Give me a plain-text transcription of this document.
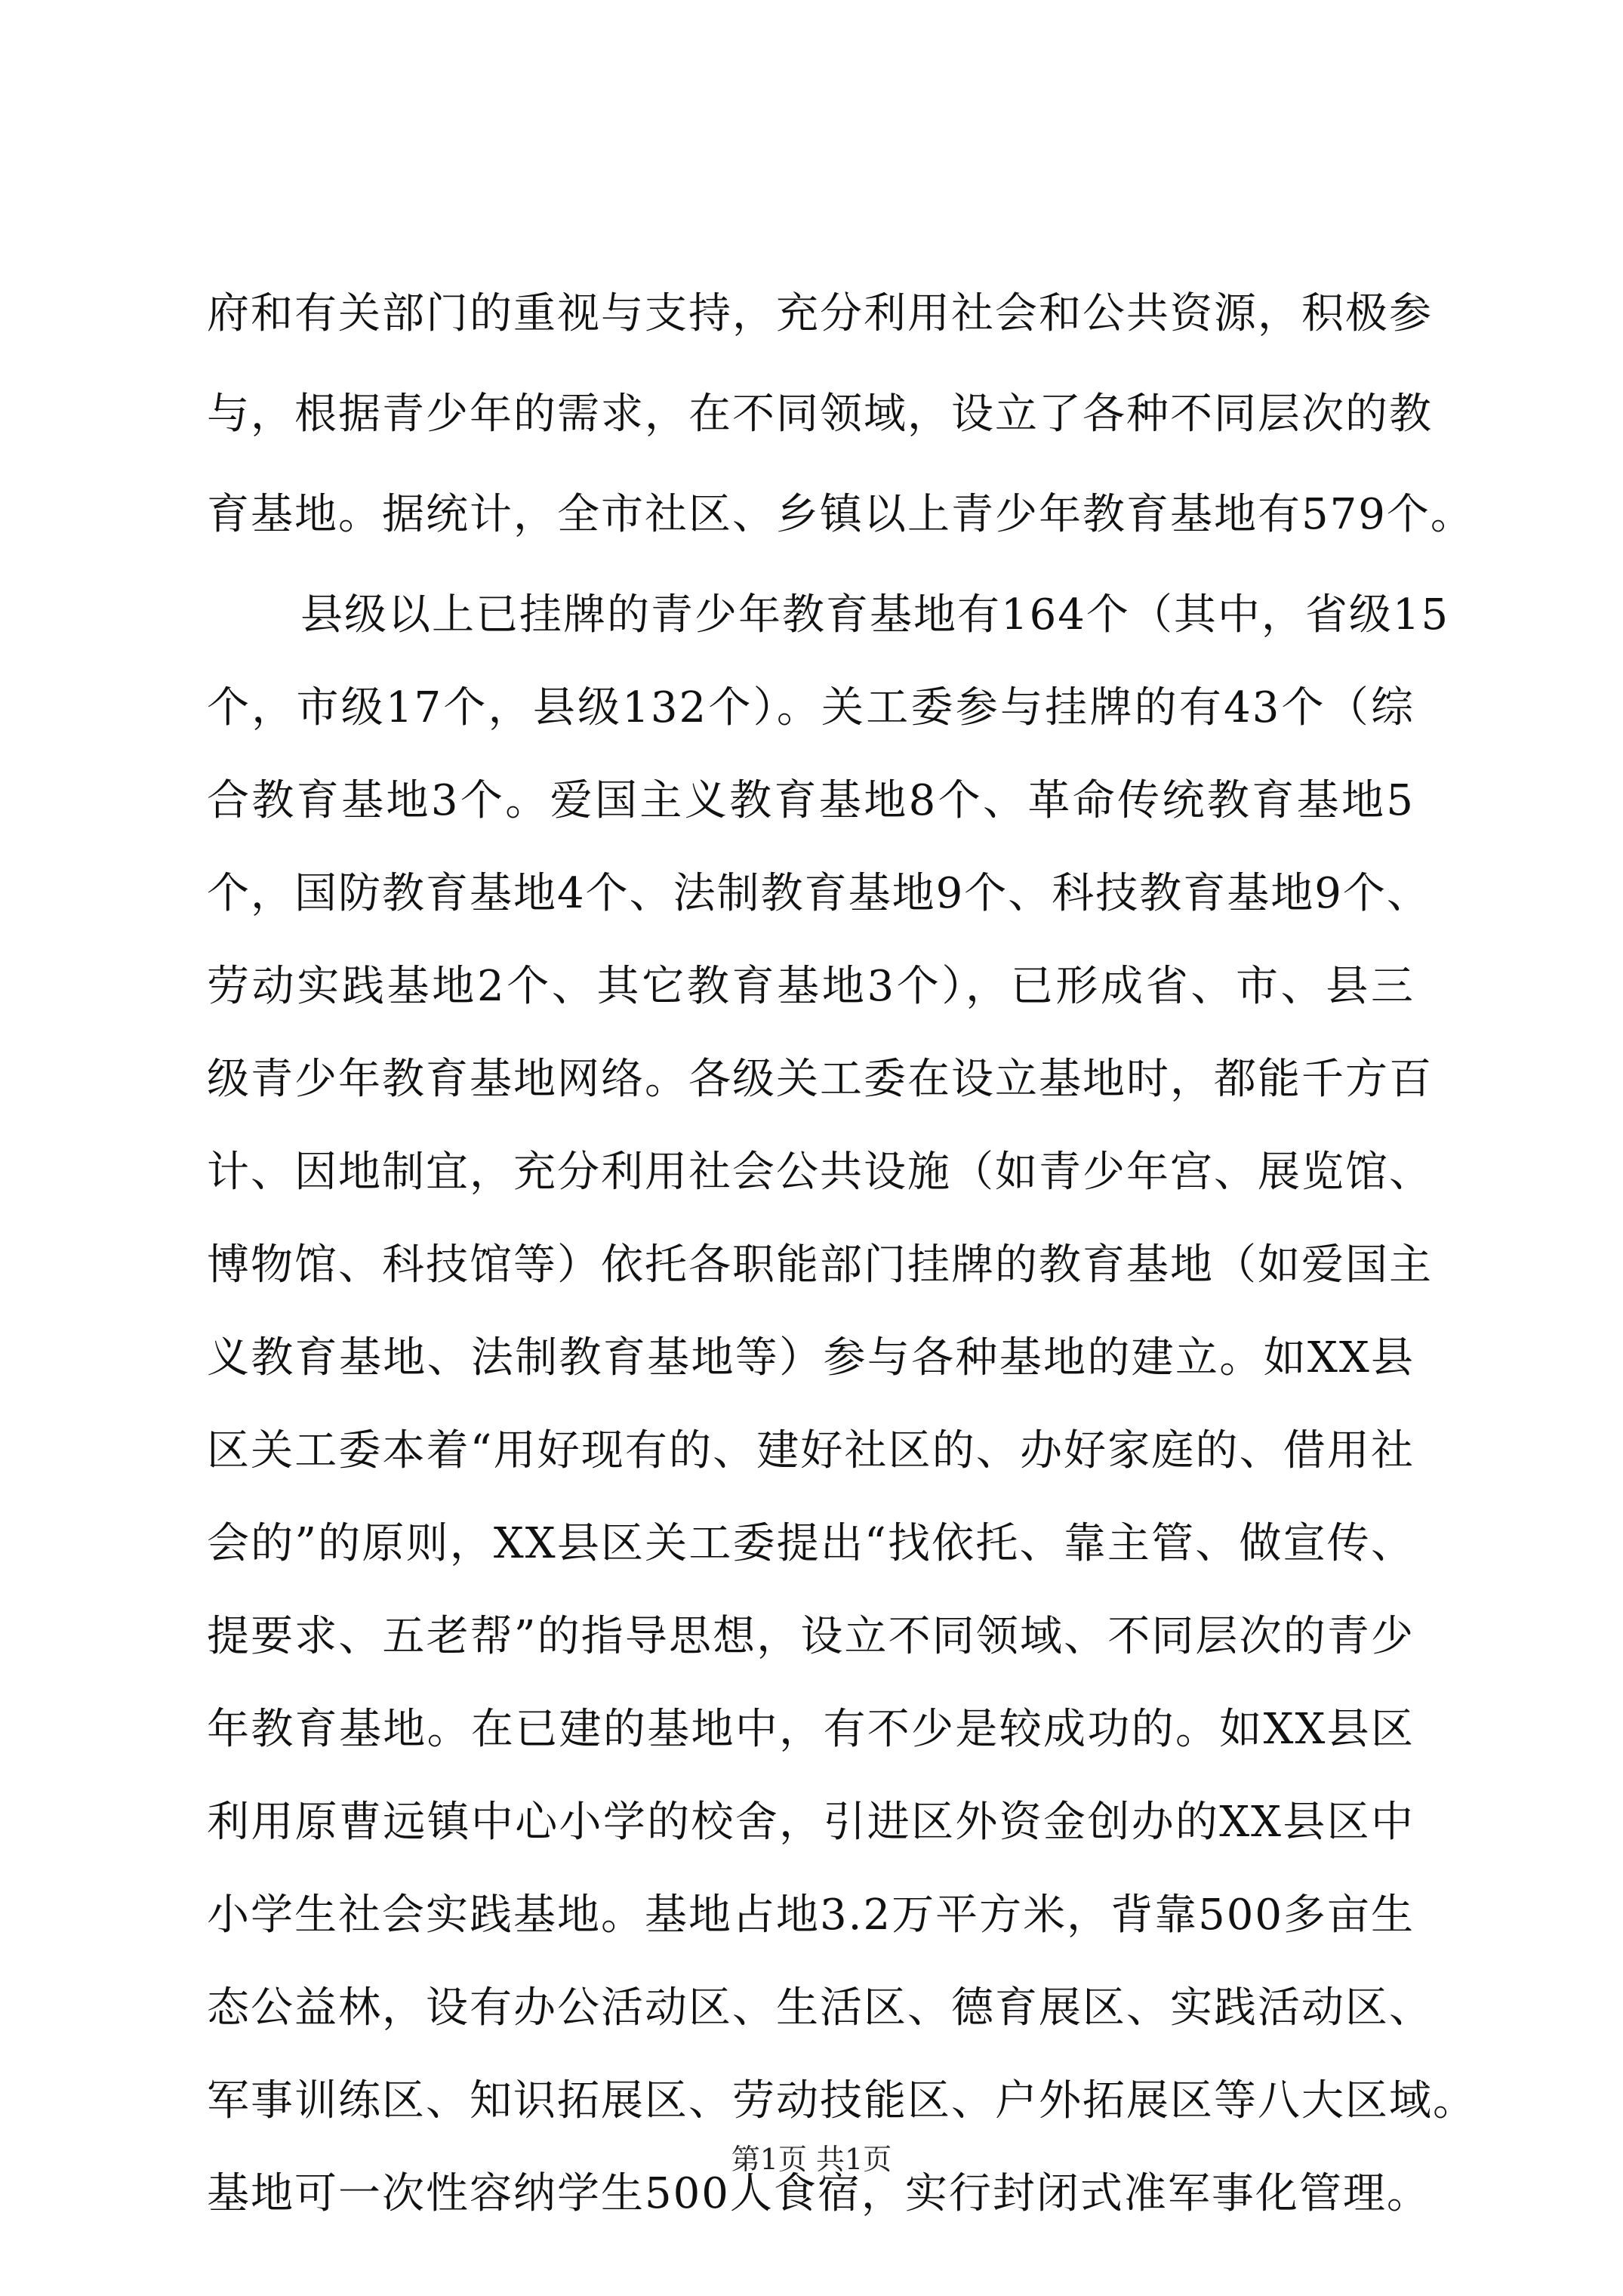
府和有关部门的重视与支持，充分利用社会和公共资源，积极参
与，根据青少年的需求，在不同领域，设立了各种不同层次的教
育基地。据统计，全市社区、乡镇以上青少年教育基地有579个。
县级以上已挂牌的青少年教育基地有164个（其中，省级15
个，市级17个，县级132个）。关工委参与挂牌的有43个（综
合教育基地3个。爱国主义教育基地8个、革命传统教育基地5
个，国防教育基地4个、法制教育基地9个、科技教育基地9个、
劳动实践基地2个、其它教育基地3个），已形成省、市、县三
级青少年教育基地网络。各级关工委在设立基地时，都能千方百
计、因地制宜，充分利用社会公共设施（如青少年宫、展览馆、
博物馆、科技馆等）依托各职能部门挂牌的教育基地（如爱国主
义教育基地、法制教育基地等）参与各种基地的建立。如XX县
区关工委本着“用好现有的、建好社区的、办好家庭的、借用社
会的”的原则，XX县区关工委提出“找依托、靠主管、做宣传、
提要求、五老帮”的指导思想，设立不同领域、不同层次的青少
年教育基地。在已建的基地中，有不少是较成功的。如XX县区
利用原曹远镇中心小学的校舍，引进区外资金创办的XX县区中
小学生社会实践基地。基地占地3.2万平方米，背靠500多亩生
态公益林，设有办公活动区、生活区、德育展区、实践活动区、
军事训练区、知识拓展区、劳动技能区、户外拓展区等八大区域。
基地可一次性容纳学生500人食宿，实行封闭式准军事化管理。
第1页 共1页
